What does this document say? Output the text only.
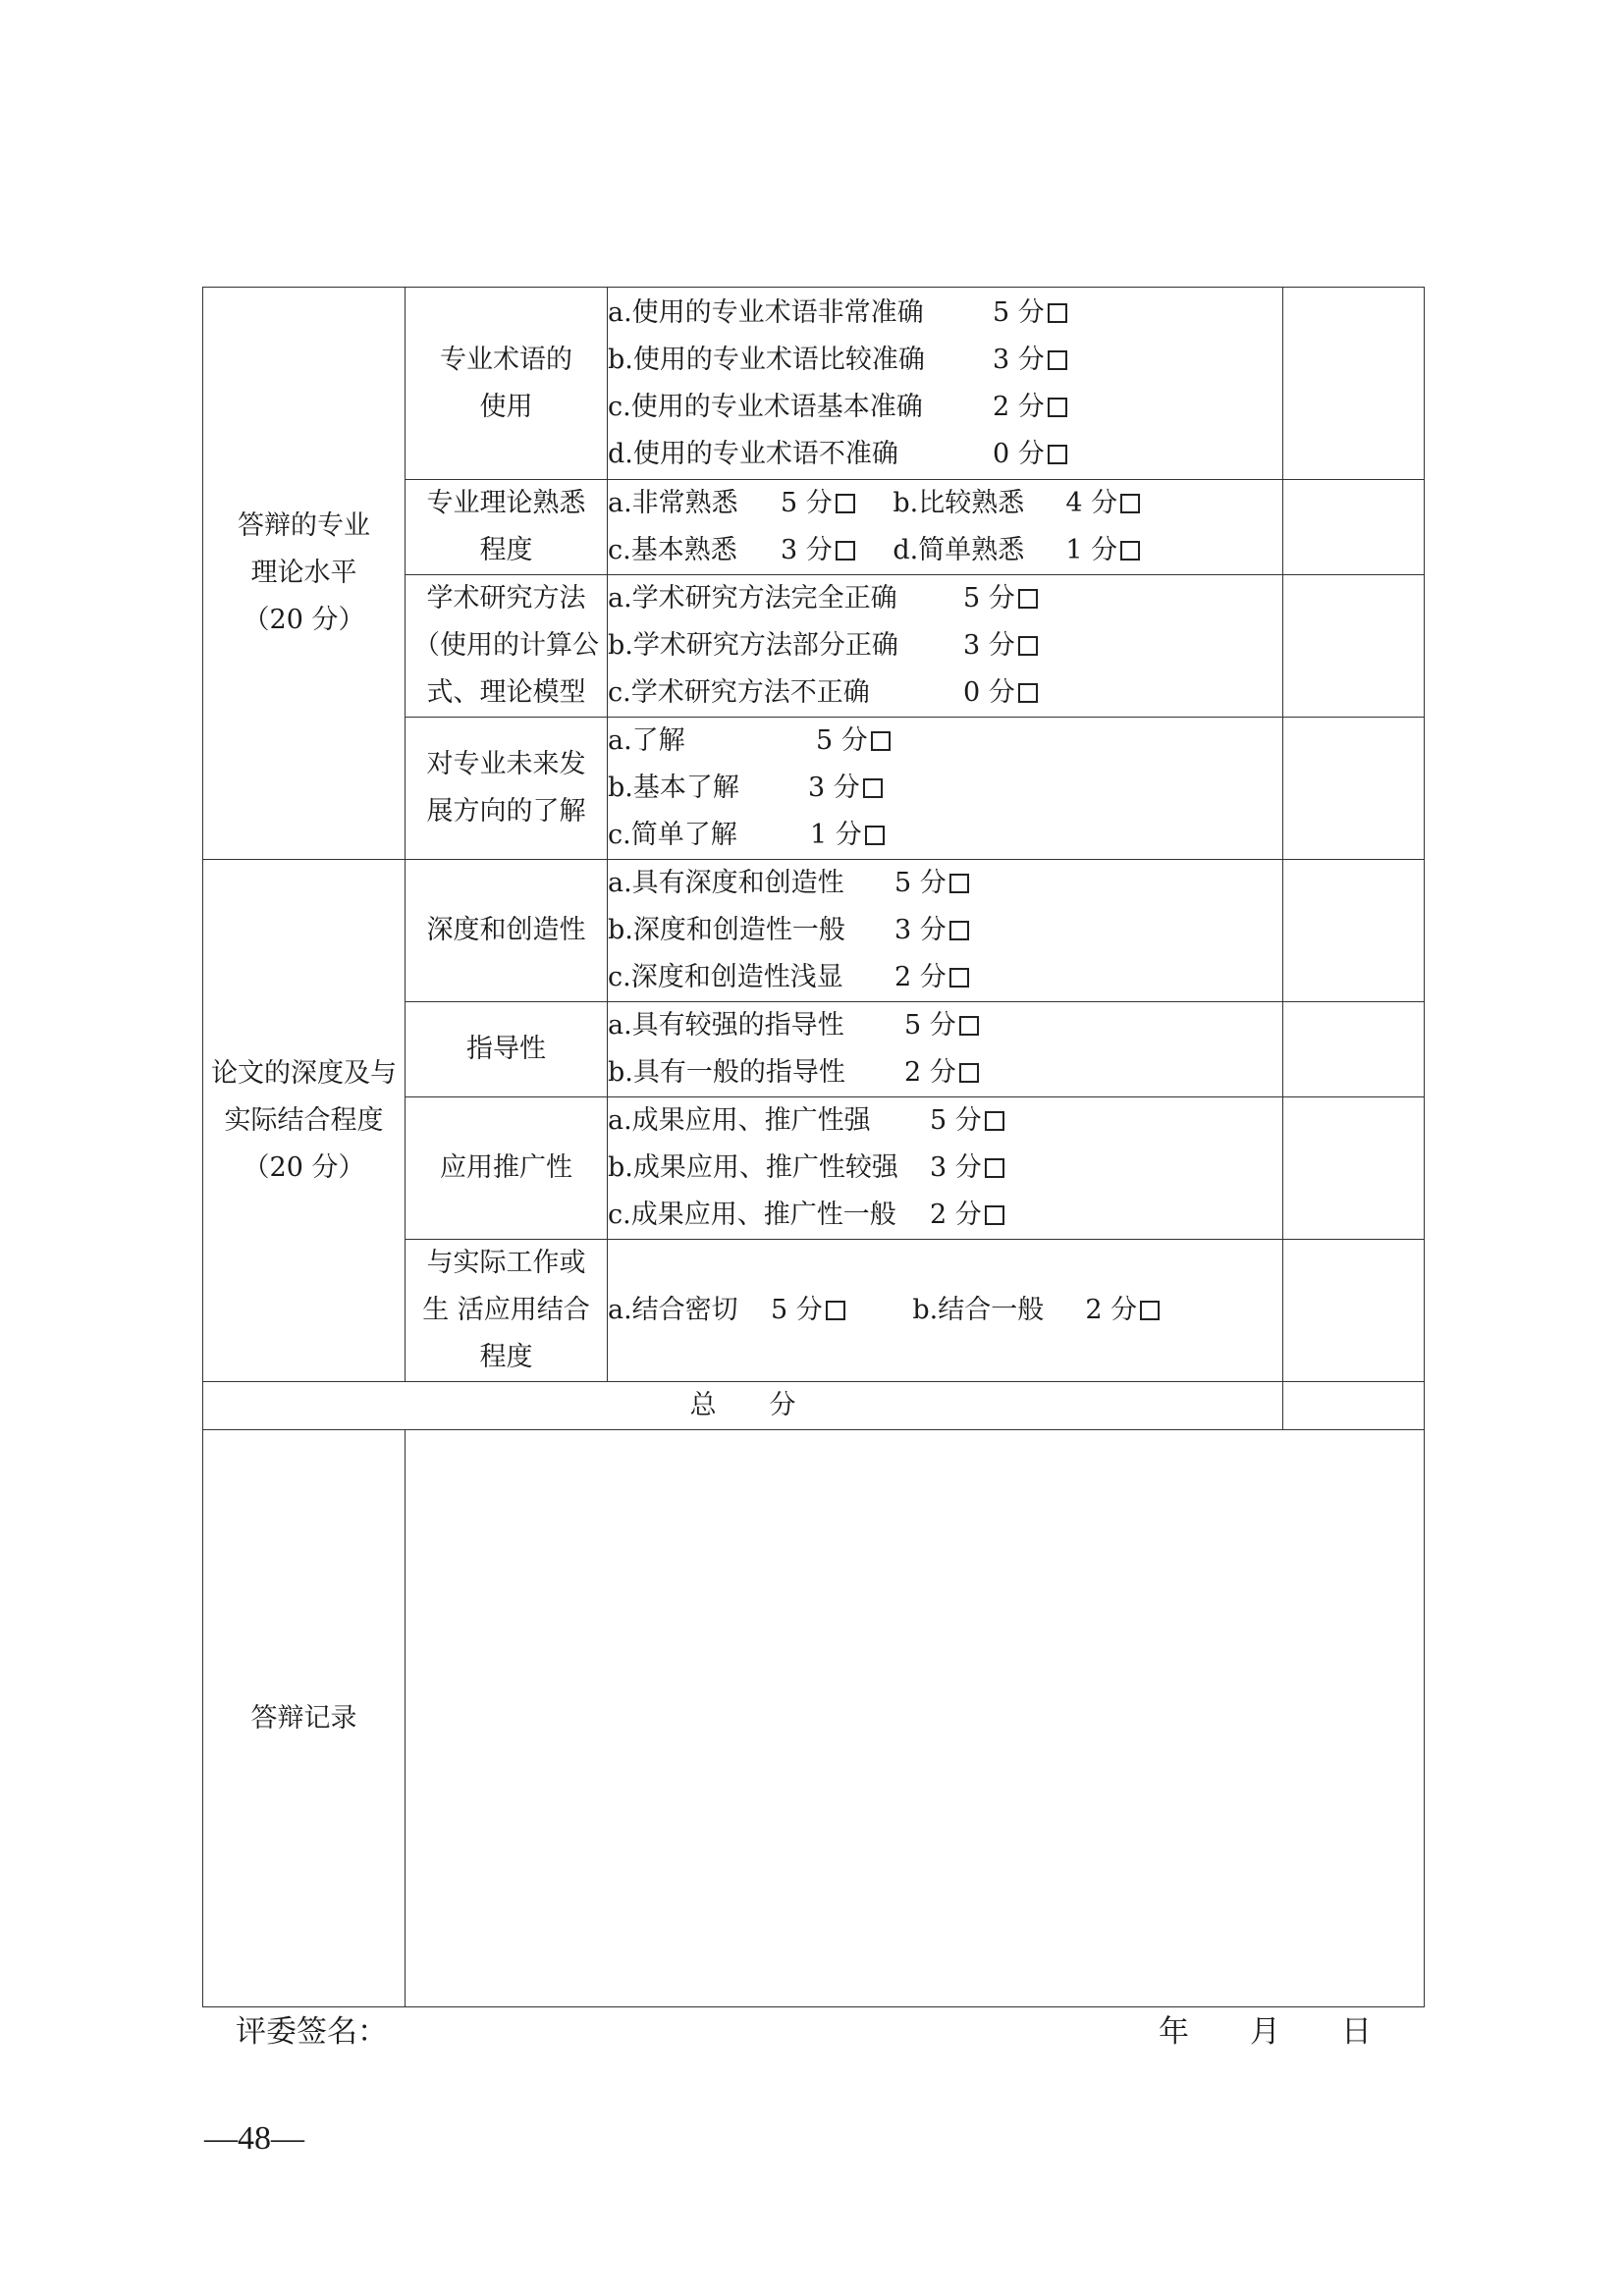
答辩的专业
理论水平
（20 分）	专业术语的
使用	a.使用的专业术语非常准确 5 分
b.使用的专业术语比较准确 3 分
c.使用的专业术语基本准确 2 分
d.使用的专业术语不准确 0 分	

	专业理论熟悉
程度	a.非常熟悉 5 分 b.比较熟悉 4 分
c.基本熟悉 3 分 d.简单熟悉 1 分	

	学术研究方法
（使用的计算公
式、理论模型	a.学术研究方法完全正确 5 分
b.学术研究方法部分正确 3 分
c.学术研究方法不正确 0 分	

	对专业未来发
展方向的了解	a.了解 5 分
b.基本了解 3 分
c.简单了解 1 分	

论文的深度及与
实际结合程度
（20 分）	深度和创造性	a.具有深度和创造性 5 分
b.深度和创造性一般 3 分
c.深度和创造性浅显 2 分	

	指导性	a.具有较强的指导性 5 分
b.具有一般的指导性 2 分	

	应用推广性	a.成果应用、推广性强 5 分
b.成果应用、推广性较强 3 分
c.成果应用、推广性一般 2 分	

	与实际工作或
生 活应用结合
程度	a.结合密切 5 分 b.结合一般 2 分	

总　　分			
答辩记录			
评委签名：	年 月 日
—48—
